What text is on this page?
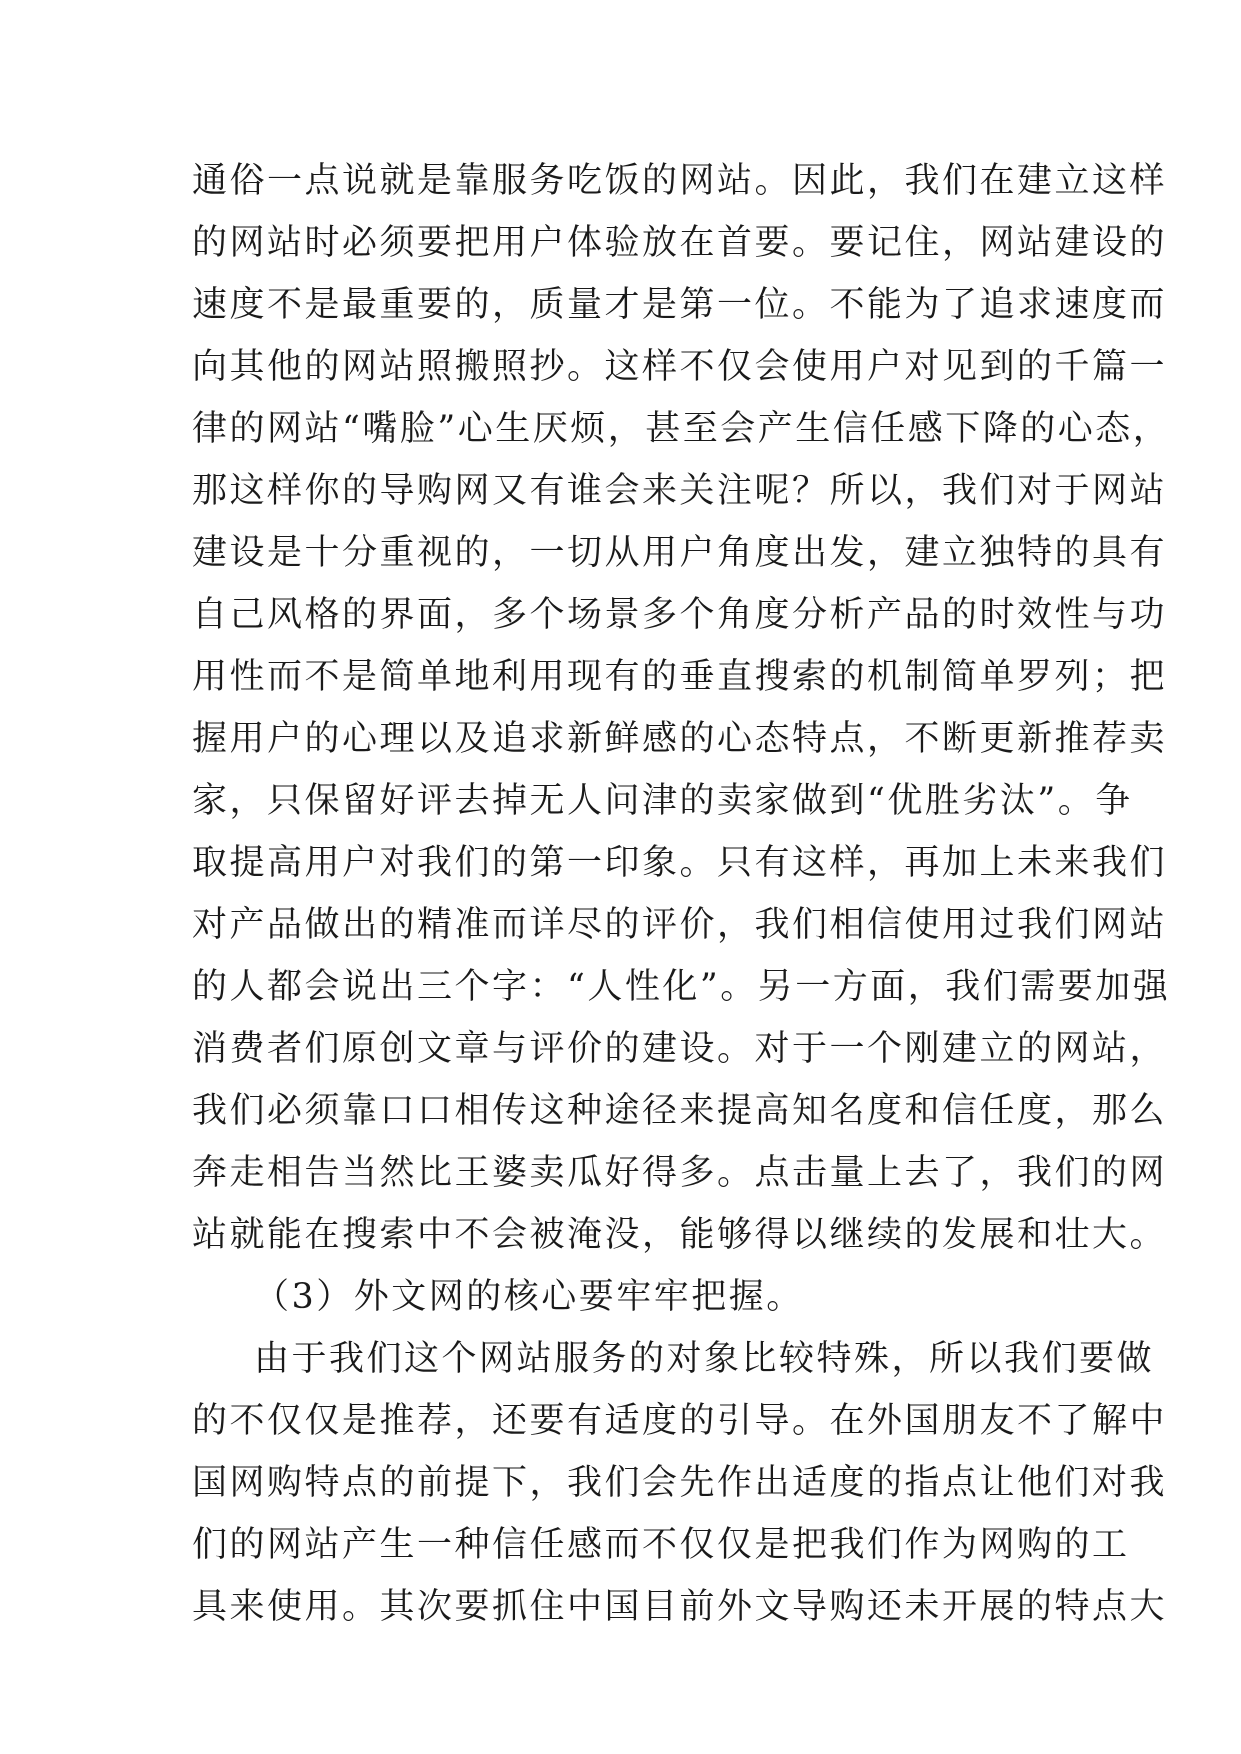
通俗一点说就是靠服务吃饭的网站。因此，我们在建立这样
的网站时必须要把用户体验放在首要。要记住，网站建设的
速度不是最重要的，质量才是第一位。不能为了追求速度而
向其他的网站照搬照抄。这样不仅会使用户对见到的千篇一
律的网站“嘴脸”心生厌烦，甚至会产生信任感下降的心态，
那这样你的导购网又有谁会来关注呢？所以，我们对于网站
建设是十分重视的，一切从用户角度出发，建立独特的具有
自己风格的界面，多个场景多个角度分析产品的时效性与功
用性而不是简单地利用现有的垂直搜索的机制简单罗列；把
握用户的心理以及追求新鲜感的心态特点，不断更新推荐卖
家，只保留好评去掉无人问津的卖家做到“优胜劣汰”。争
取提高用户对我们的第一印象。只有这样，再加上未来我们
对产品做出的精准而详尽的评价，我们相信使用过我们网站
的人都会说出三个字：“人性化”。另一方面，我们需要加强
消费者们原创文章与评价的建设。对于一个刚建立的网站，
我们必须靠口口相传这种途径来提高知名度和信任度，那么
奔走相告当然比王婆卖瓜好得多。点击量上去了，我们的网
站就能在搜索中不会被淹没，能够得以继续的发展和壮大。
（3）外文网的核心要牢牢把握。
由于我们这个网站服务的对象比较特殊，所以我们要做
的不仅仅是推荐，还要有适度的引导。在外国朋友不了解中
国网购特点的前提下，我们会先作出适度的指点让他们对我
们的网站产生一种信任感而不仅仅是把我们作为网购的工
具来使用。其次要抓住中国目前外文导购还未开展的特点大
